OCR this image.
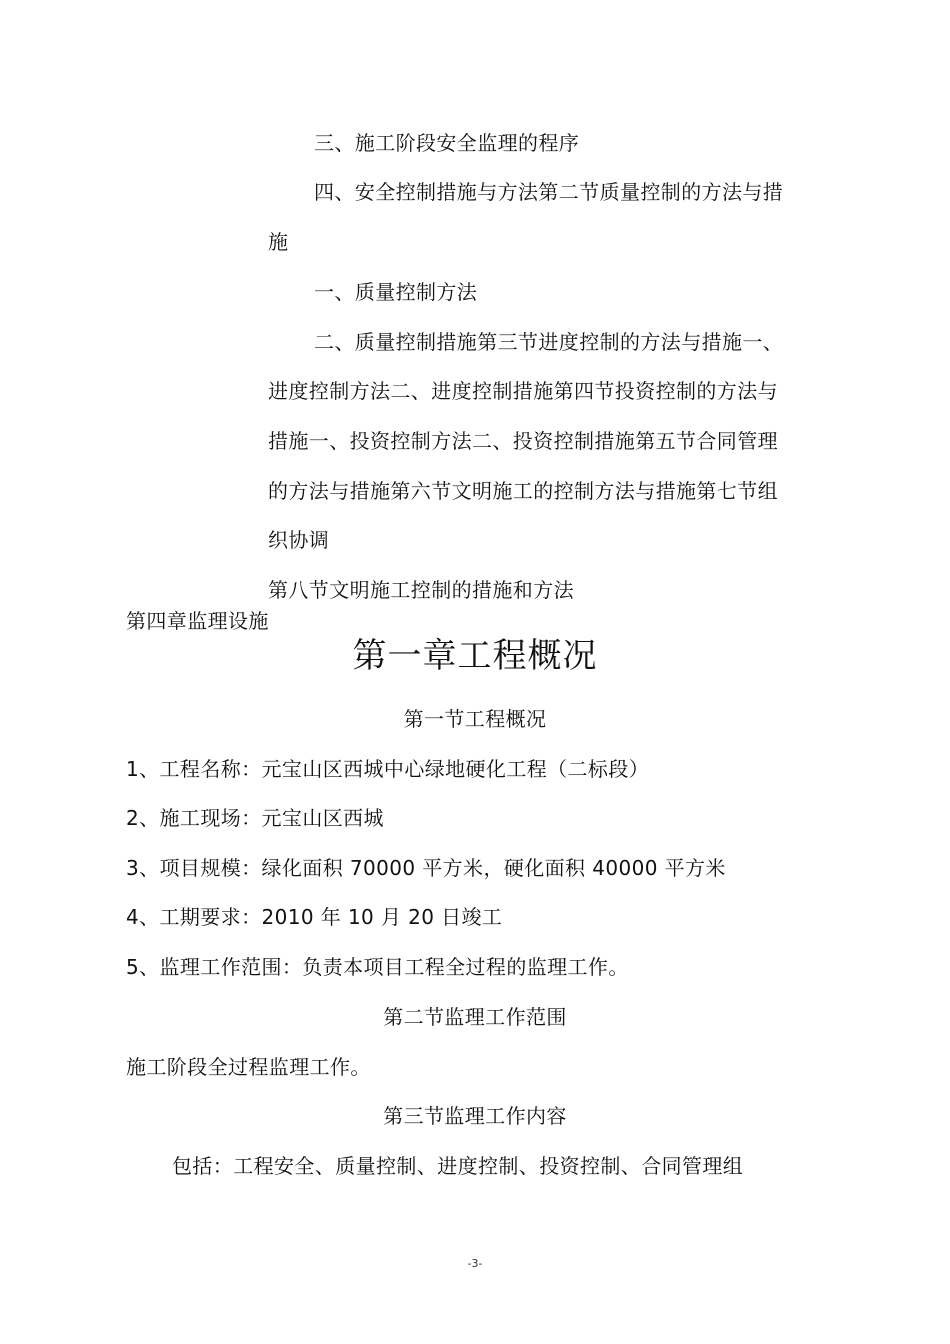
三、施工阶段安全监理的程序
四、安全控制措施与方法第二节质量控制的方法与措
施
一、质量控制方法
二、质量控制措施第三节进度控制的方法与措施一、
进度控制方法二、进度控制措施第四节投资控制的方法与
措施一、投资控制方法二、投资控制措施第五节合同管理
的方法与措施第六节文明施工的控制方法与措施第七节组
织协调
第八节文明施工控制的措施和方法
第四章监理设施
第一章工程概况
第一节工程概况
1、工程名称：元宝山区西城中心绿地硬化工程（二标段）
2、施工现场：元宝山区西城
3、项目规模：绿化面积 70000 平方米，硬化面积 40000 平方米
4、工期要求：2010 年 10 月 20 日竣工
5、监理工作范围：负责本项目工程全过程的监理工作。
第二节监理工作范围
施工阶段全过程监理工作。
第三节监理工作内容
包括：工程安全、质量控制、进度控制、投资控制、合同管理组
-3-
